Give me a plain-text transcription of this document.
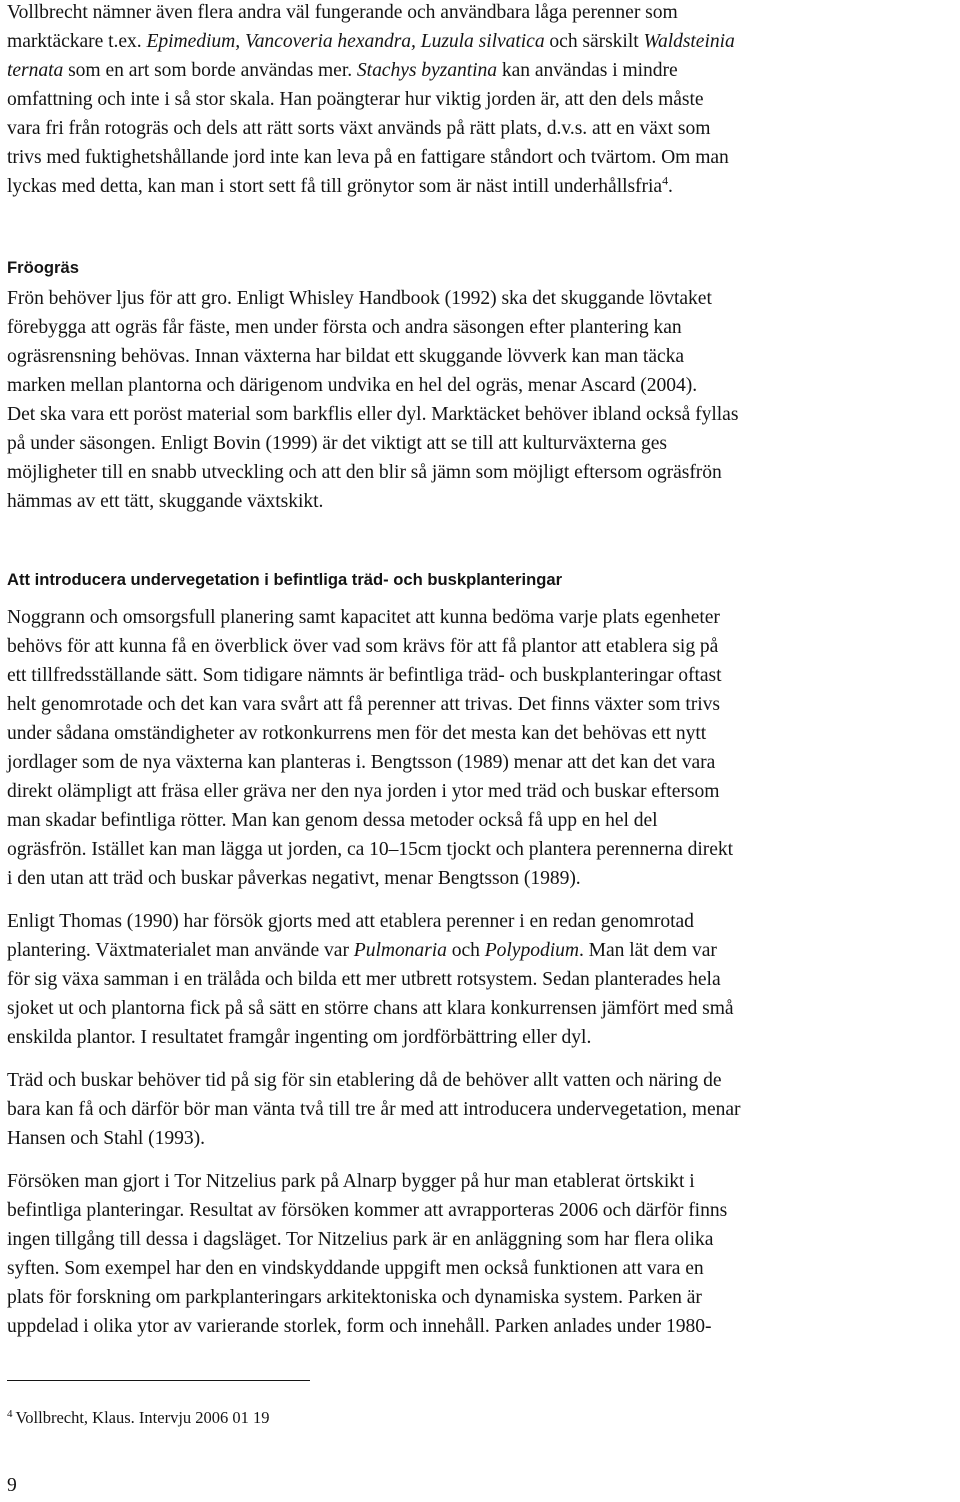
Vollbrecht nämner även flera andra väl fungerande och användbara låga perenner som
marktäckare t.ex. Epimedium, Vancoveria hexandra, Luzula silvatica och särskilt Waldsteinia
ternata som en art som borde användas mer. Stachys byzantina kan användas i mindre
omfattning och inte i så stor skala. Han poängterar hur viktig jorden är, att den dels måste
vara fri från rotogräs och dels att rätt sorts växt används på rätt plats, d.v.s. att en växt som
trivs med fuktighetshållande jord inte kan leva på en fattigare ståndort och tvärtom. Om man
lyckas med detta, kan man i stort sett få till grönytor som är näst intill underhållsfria$^4$.

Fröogräs

Frön behöver ljus för att gro. Enligt Whisley Handbook (1992) ska det skuggande lövtaket
förebygga att ogräs får fäste, men under första och andra säsongen efter plantering kan
ogräsrensning behövas. Innan växterna har bildat ett skuggande lövverk kan man täcka
marken mellan plantorna och därigenom undvika en hel del ogräs, menar Ascard (2004).
Det ska vara ett poröst material som barkflis eller dyl. Marktäcket behöver ibland också fyllas
på under säsongen. Enligt Bovin (1999) är det viktigt att se till att kulturväxterna ges
möjligheter till en snabb utveckling och att den blir så jämn som möjligt eftersom ogräsfrön
hämmas av ett tätt, skuggande växtskikt.

Att introducera undervegetation i befintliga träd- och buskplanteringar

Noggrann och omsorgsfull planering samt kapacitet att kunna bedöma varje plats egenheter
behövs för att kunna få en överblick över vad som krävs för att få plantor att etablera sig på
ett tillfredsställande sätt. Som tidigare nämnts är befintliga träd- och buskplanteringar oftast
helt genomrotade och det kan vara svårt att få perenner att trivas. Det finns växter som trivs
under sådana omständigheter av rotkonkurrens men för det mesta kan det behövas ett nytt
jordlager som de nya växterna kan planteras i. Bengtsson (1989) menar att det kan det vara
direkt olämpligt att fräsa eller gräva ner den nya jorden i ytor med träd och buskar eftersom
man skadar befintliga rötter. Man kan genom dessa metoder också få upp en hel del
ogräsfrön. Istället kan man lägga ut jorden, ca 10–15cm tjockt och plantera perennerna direkt
i den utan att träd och buskar påverkas negativt, menar Bengtsson (1989).

Enligt Thomas (1990) har försök gjorts med att etablera perenner i en redan genomrotad
plantering. Växtmaterialet man använde var Pulmonaria och Polypodium. Man lät dem var
för sig växa samman i en trälåda och bilda ett mer utbrett rotsystem. Sedan planterades hela
sjoket ut och plantorna fick på så sätt en större chans att klara konkurrensen jämfört med små
enskilda plantor. I resultatet framgår ingenting om jordförbättring eller dyl.

Träd och buskar behöver tid på sig för sin etablering då de behöver allt vatten och näring de
bara kan få och därför bör man vänta två till tre år med att introducera undervegetation, menar
Hansen och Stahl (1993).

Försöken man gjort i Tor Nitzelius park på Alnarp bygger på hur man etablerat örtskikt i
befintliga planteringar. Resultat av försöken kommer att avrapporteras 2006 och därför finns
ingen tillgång till dessa i dagsläget. Tor Nitzelius park är en anläggning som har flera olika
syften. Som exempel har den en vindskyddande uppgift men också funktionen att vara en
plats för forskning om parkplanteringars arkitektoniska och dynamiska system. Parken är
uppdelad i olika ytor av varierande storlek, form och innehåll. Parken anlades under 1980-

$^4$ Vollbrecht, Klaus. Intervju 2006 01 19
9
